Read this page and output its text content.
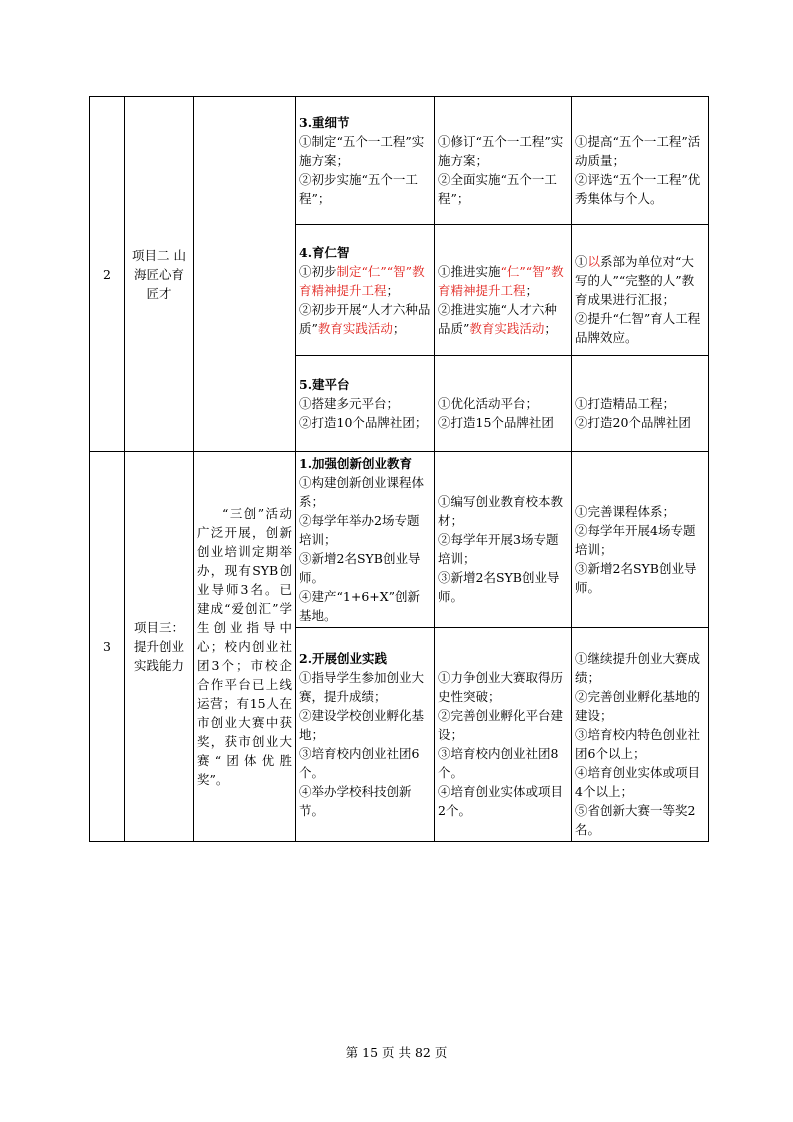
2	项目二 山海匠心育匠才		3.重细节
①制定“五个一工程”实施方案；
②初步实施“五个一工程”；	①修订“五个一工程”实施方案；
②全面实施“五个一工程”；	①提高“五个一工程”活动质量；
②评选“五个一工程”优秀集体与个人。

			4.育仁智
①初步制定“仁”“智”教育精神提升工程；
②初步开展“人才六种品质”教育实践活动；	①推进实施“仁”“智”教育精神提升工程；
②推进实施“人才六种品质”教育实践活动；	①以系部为单位对“大写的人”“完整的人”教育成果进行汇报；
②提升“仁智”育人工程品牌效应。

			5.建平台
①搭建多元平台；
②打造10个品牌社团；	①优化活动平台；
②打造15个品牌社团	①打造精品工程；
②打造20个品牌社团

3	项目三：提升创业实践能力	“三创”活动广泛开展，创新创业培训定期举办，现有SYB创业导师3名。已建成“爱创汇”学生创业指导中心；校内创业社团3个；市校企合作平台已上线运营；有15人在市创业大赛中获奖，获市创业大赛“团体优胜奖”。	1.加强创新创业教育
①构建创新创业课程体系；
②每学年举办2场专题培训；
③新增2名SYB创业导师。
④建产“1+6+X”创新基地。	①编写创业教育校本教材；
②每学年开展3场专题培训；
③新增2名SYB创业导师。	①完善课程体系；
②每学年开展4场专题培训；
③新增2名SYB创业导师。

			2.开展创业实践
①指导学生参加创业大赛，提升成绩；
②建设学校创业孵化基地；
③培育校内创业社团6个。
④举办学校科技创新节。	①力争创业大赛取得历史性突破；
②完善创业孵化平台建设；
③培育校内创业社团8个。
④培育创业实体或项目2个。	①继续提升创业大赛成绩；
②完善创业孵化基地的建设；
③培育校内特色创业社团6个以上；
④培育创业实体或项目4个以上；
⑤省创新大赛一等奖2名。
第 15 页 共 82 页
